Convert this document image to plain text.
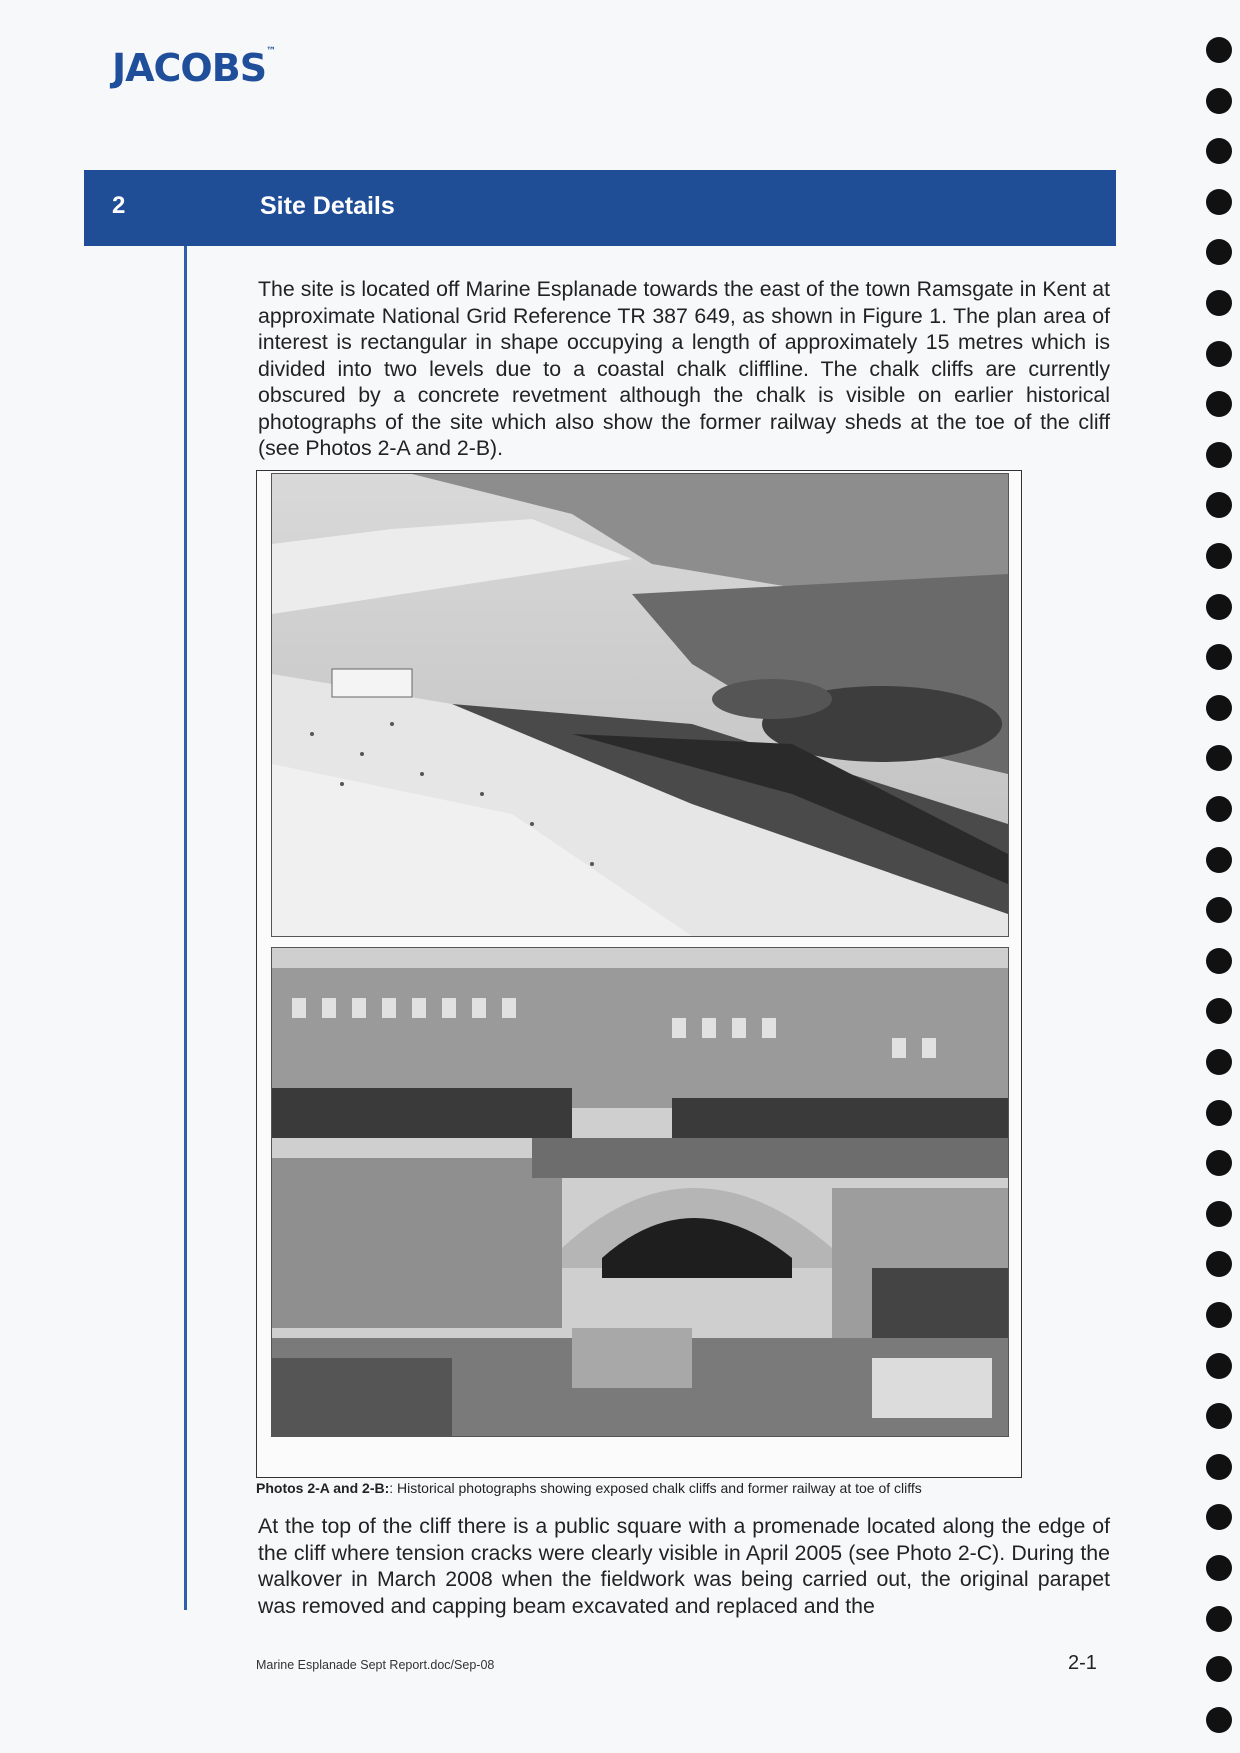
JACOBS™
2	Site Details

The site is located off Marine Esplanade towards the east of the town Ramsgate in Kent at approximate National Grid Reference TR 387 649, as shown in Figure 1. The plan area of interest is rectangular in shape occupying a length of approximately 15 metres which is divided into two levels due to a coastal chalk cliffline. The chalk cliffs are currently obscured by a concrete revetment although the chalk is visible on earlier historical photographs of the site which also show the former railway sheds at the toe of the cliff (see Photos 2-A and 2-B).

Photos 2-A and 2-B:: Historical photographs showing exposed chalk cliffs and former railway at toe of cliffs

At the top of the cliff there is a public square with a promenade located along the edge of the cliff where tension cracks were clearly visible in April 2005 (see Photo 2-C). During the walkover in March 2008 when the fieldwork was being carried out, the original parapet was removed and capping beam excavated and replaced and the

Marine Esplanade Sept Report.doc/Sep-08	2-1
